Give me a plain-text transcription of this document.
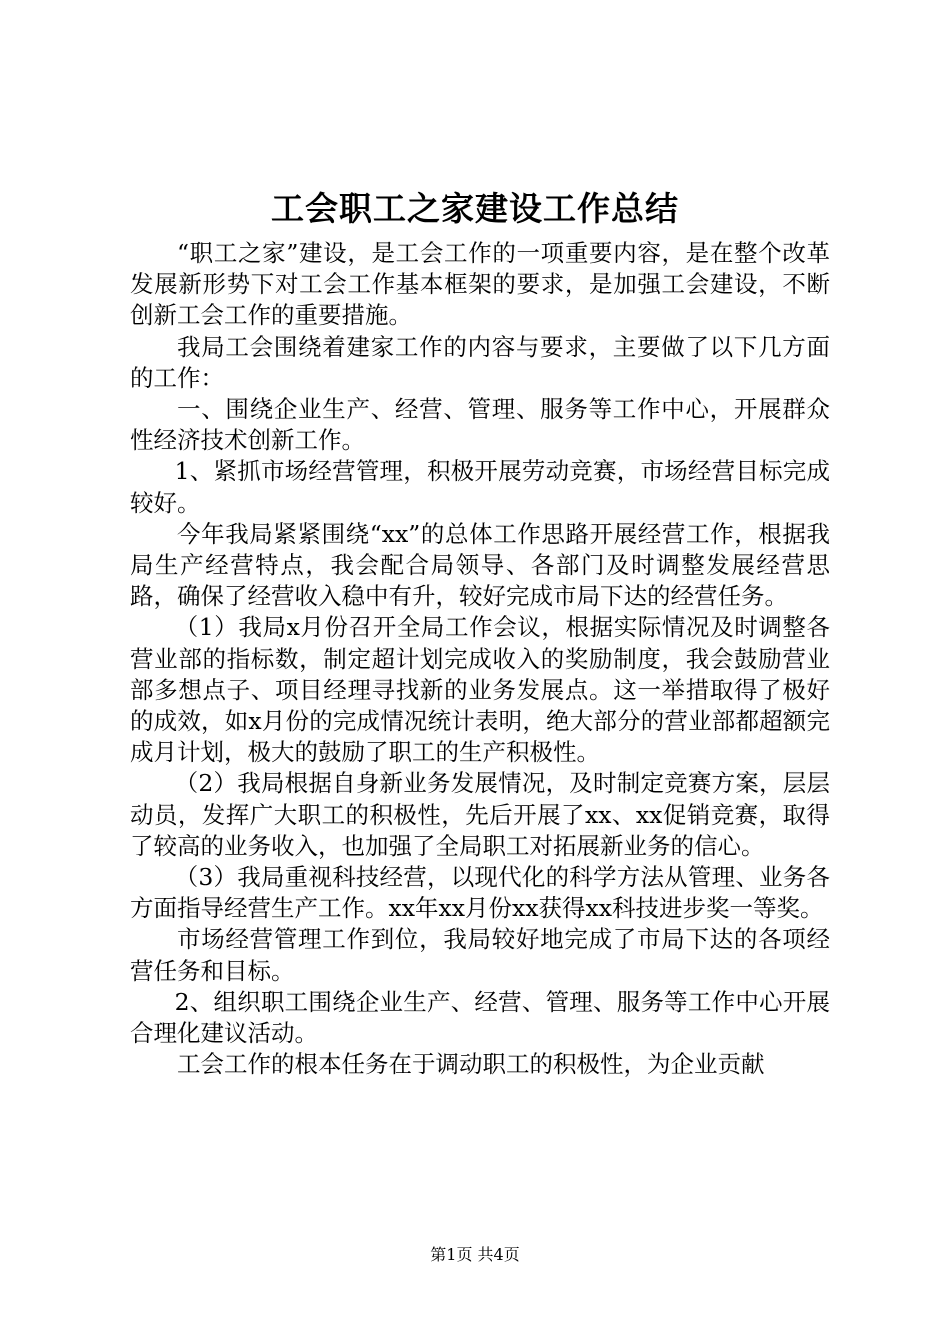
工会职工之家建设工作总结

“职工之家”建设，是工会工作的一项重要内容，是在整个改革发展新形势下对工会工作基本框架的要求，是加强工会建设，不断创新工会工作的重要措施。

我局工会围绕着建家工作的内容与要求，主要做了以下几方面的工作：

一、围绕企业生产、经营、管理、服务等工作中心，开展群众性经济技术创新工作。

1、紧抓市场经营管理，积极开展劳动竞赛，市场经营目标完成较好。

今年我局紧紧围绕“xx”的总体工作思路开展经营工作，根据我局生产经营特点，我会配合局领导、各部门及时调整发展经营思路，确保了经营收入稳中有升，较好完成市局下达的经营任务。

（1）我局x月份召开全局工作会议，根据实际情况及时调整各营业部的指标数，制定超计划完成收入的奖励制度，我会鼓励营业部多想点子、项目经理寻找新的业务发展点。这一举措取得了极好的成效，如x月份的完成情况统计表明，绝大部分的营业部都超额完成月计划，极大的鼓励了职工的生产积极性。

（2）我局根据自身新业务发展情况，及时制定竞赛方案，层层动员，发挥广大职工的积极性，先后开展了xx、xx促销竞赛，取得了较高的业务收入，也加强了全局职工对拓展新业务的信心。

（3）我局重视科技经营，以现代化的科学方法从管理、业务各方面指导经营生产工作。xx年xx月份xx获得xx科技进步奖一等奖。

市场经营管理工作到位，我局较好地完成了市局下达的各项经营任务和目标。

2、组织职工围绕企业生产、经营、管理、服务等工作中心开展合理化建议活动。

工会工作的根本任务在于调动职工的积极性，为企业贡献

第1页 共4页
